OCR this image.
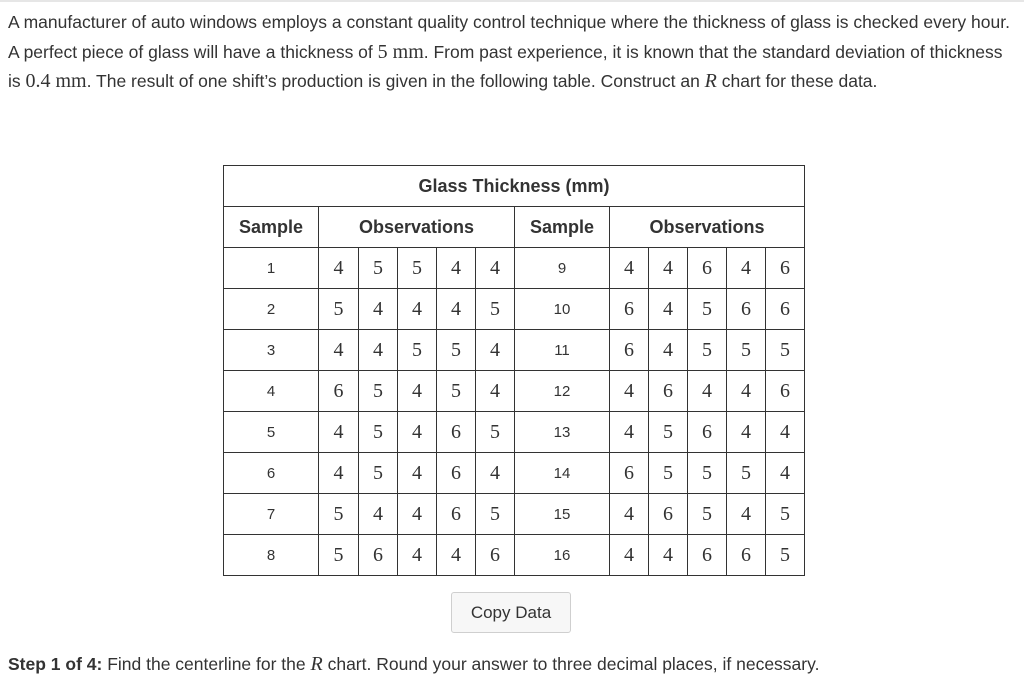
A manufacturer of auto windows employs a constant quality control technique where the thickness of glass is checked every hour. A perfect piece of glass will have a thickness of 5 mm. From past experience, it is known that the standard deviation of thickness is 0.4 mm. The result of one shift’s production is given in the following table. Construct an R chart for these data.
Glass Thickness (mm)											
Sample	Observations					Sample	Observations				
1	4	5	5	4	4	9	4	4	6	4	6
2	5	4	4	4	5	10	6	4	5	6	6
3	4	4	5	5	4	11	6	4	5	5	5
4	6	5	4	5	4	12	4	6	4	4	6
5	4	5	4	6	5	13	4	5	6	4	4
6	4	5	4	6	4	14	6	5	5	5	4
7	5	4	4	6	5	15	4	6	5	4	5
8	5	6	4	4	6	16	4	4	6	6	5
Copy Data
Step 1 of 4: Find the centerline for the R chart. Round your answer to three decimal places, if necessary.
